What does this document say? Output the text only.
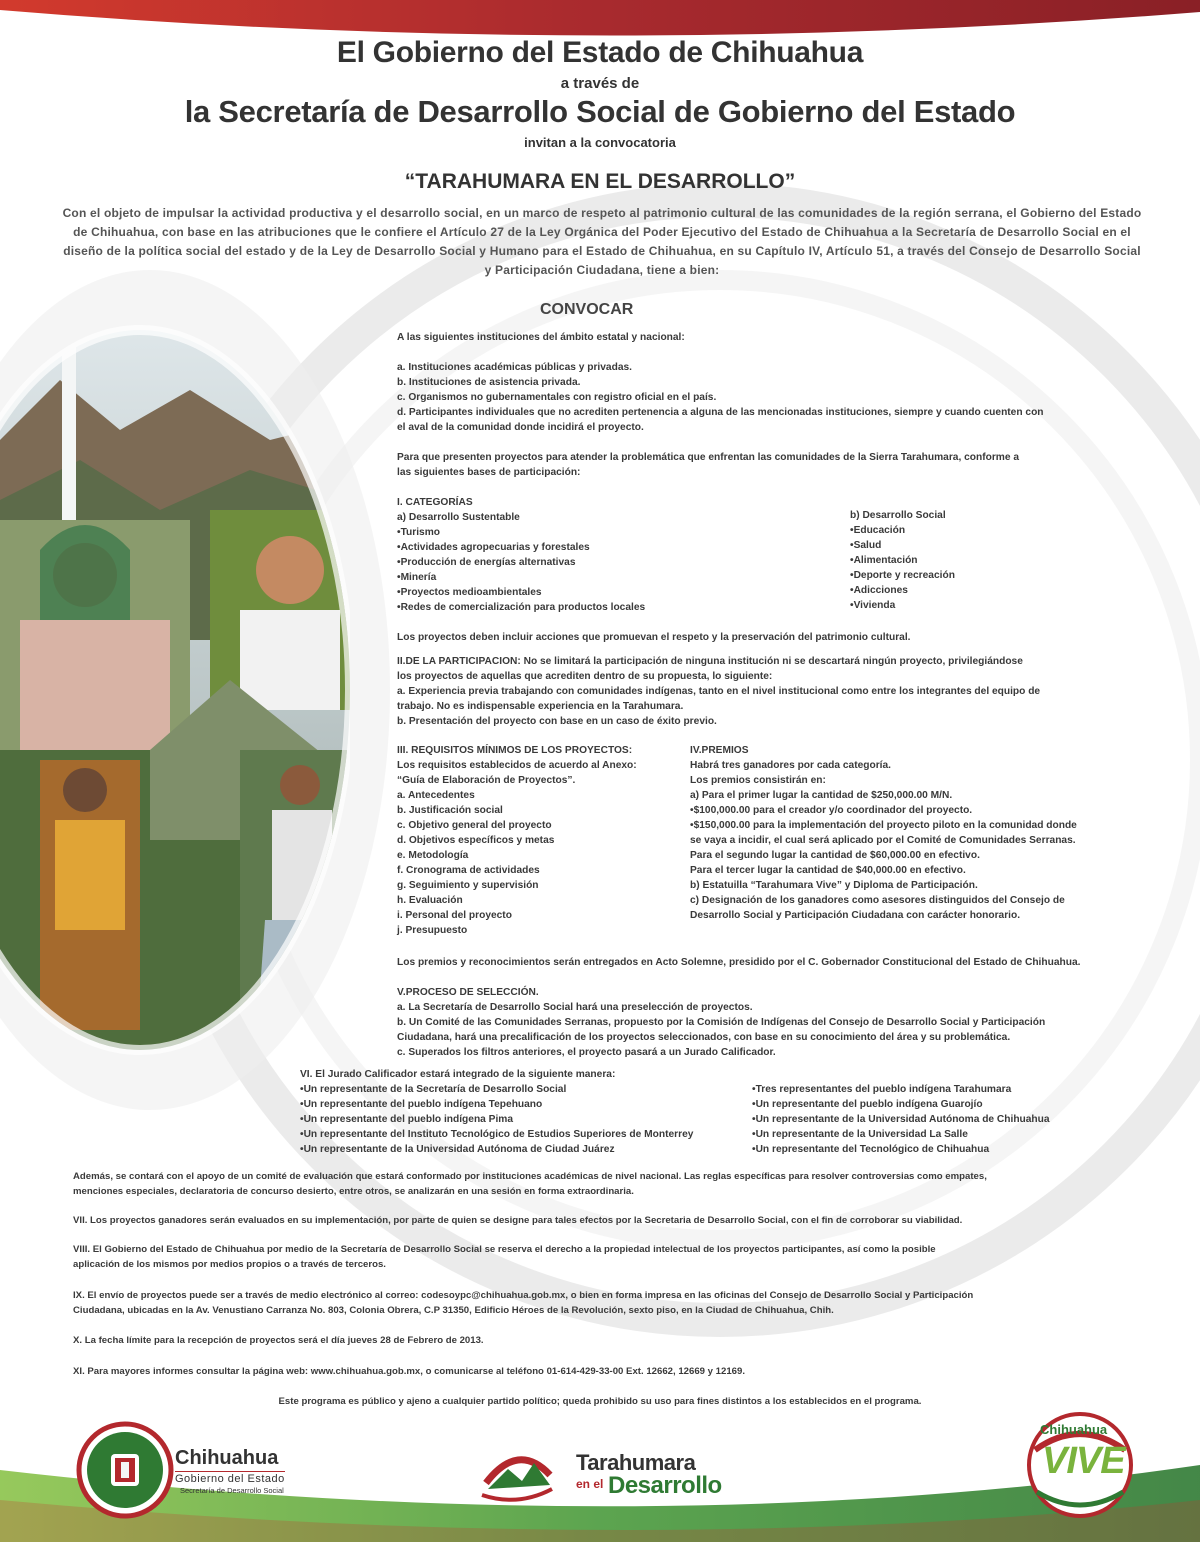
El Gobierno del Estado de Chihuahua
a través de
la Secretaría de Desarrollo Social de Gobierno del Estado
invitan a la convocatoria
“TARAHUMARA EN EL DESARROLLO”
Con el objeto de impulsar la actividad productiva y el desarrollo social, en un marco de respeto al patrimonio cultural de las comunidades de la región serrana, el Gobierno del Estado de Chihuahua, con base en las atribuciones que le confiere el Artículo 27 de la Ley Orgánica del Poder Ejecutivo del Estado de Chihuahua a la Secretaría de Desarrollo Social en el diseño de la política social del estado y de la Ley de Desarrollo Social y Humano para el Estado de Chihuahua, en su Capítulo IV, Artículo 51, a través del Consejo de Desarrollo Social y Participación Ciudadana, tiene a bien:
CONVOCAR
A las siguientes instituciones del ámbito estatal y nacional:
a. Instituciones académicas públicas y privadas.
b. Instituciones de asistencia privada.
c. Organismos no gubernamentales con registro oficial en el país.
d. Participantes individuales que no acrediten pertenencia a alguna de las mencionadas instituciones, siempre y cuando cuenten con
el aval de la comunidad donde incidirá el proyecto.
Para que presenten proyectos para atender la problemática que enfrentan las comunidades de la Sierra Tarahumara, conforme a
las siguientes bases de participación:
I. CATEGORÍAS
a) Desarrollo Sustentable
•Turismo
•Actividades agropecuarias y forestales
•Producción de energías alternativas
•Minería
•Proyectos medioambientales
•Redes de comercialización para productos locales
b) Desarrollo Social
•Educación
•Salud
•Alimentación
•Deporte y recreación
•Adicciones
•Vivienda
Los proyectos deben incluir acciones que promuevan el respeto y la preservación del patrimonio cultural.
II.DE LA PARTICIPACION: No se limitará la participación de ninguna institución ni se descartará ningún proyecto, privilegiándose
los proyectos de aquellas que acrediten dentro de su propuesta, lo siguiente:
a. Experiencia previa trabajando con comunidades indígenas, tanto en el nivel institucional como entre los integrantes del equipo de
trabajo. No es indispensable experiencia en la Tarahumara.
b. Presentación del proyecto con base en un caso de éxito previo.
III. REQUISITOS MÍNIMOS DE LOS PROYECTOS:
Los requisitos establecidos de acuerdo al Anexo:
“Guía de Elaboración de Proyectos”.
a. Antecedentes
b. Justificación social
c. Objetivo general del proyecto
d. Objetivos específicos y metas
e. Metodología
f. Cronograma de actividades
g. Seguimiento y supervisión
h. Evaluación
i. Personal del proyecto
j. Presupuesto
IV.PREMIOS
Habrá tres ganadores por cada categoría.
Los premios consistirán en:
a) Para el primer lugar la cantidad de $250,000.00 M/N.
•$100,000.00 para el creador y/o coordinador del proyecto.
•$150,000.00 para la implementación del proyecto piloto en la comunidad donde
se vaya a incidir, el cual será aplicado por el Comité de Comunidades Serranas.
Para el segundo lugar la cantidad de $60,000.00 en efectivo.
Para el tercer lugar la cantidad de $40,000.00 en efectivo.
b) Estatuilla “Tarahumara Vive” y Diploma de Participación.
c) Designación de los ganadores como asesores distinguidos del Consejo de
Desarrollo Social y Participación Ciudadana con carácter honorario.
Los premios y reconocimientos serán entregados en Acto Solemne, presidido por el C. Gobernador Constitucional del Estado de Chihuahua.
V.PROCESO DE SELECCIÓN.
a. La Secretaría de Desarrollo Social hará una preselección de proyectos.
b. Un Comité de las Comunidades Serranas, propuesto por la Comisión de Indígenas del Consejo de Desarrollo Social y Participación
Ciudadana, hará una precalificación de los proyectos seleccionados, con base en su conocimiento del área y su problemática.
c. Superados los filtros anteriores, el proyecto pasará a un Jurado Calificador.
VI. El Jurado Calificador estará integrado de la siguiente manera:
•Un representante de la Secretaría de Desarrollo Social
•Un representante del pueblo indígena Tepehuano
•Un representante del pueblo indígena Pima
•Un representante del Instituto Tecnológico de Estudios Superiores de Monterrey
•Un representante de la Universidad Autónoma de Ciudad Juárez
•Tres representantes del pueblo indígena Tarahumara
•Un representante del pueblo indígena Guarojío
•Un representante de la Universidad Autónoma de Chihuahua
•Un representante de la Universidad La Salle
•Un representante del Tecnológico de Chihuahua
Además, se contará con el apoyo de un comité de evaluación que estará conformado por instituciones académicas de nivel nacional. Las reglas específicas para resolver controversias como empates,
menciones especiales, declaratoria de concurso desierto, entre otros, se analizarán en una sesión en forma extraordinaria.
VII. Los proyectos ganadores serán evaluados en su implementación, por parte de quien se designe para tales efectos por la Secretaria de Desarrollo Social, con el fin de corroborar su viabilidad.
VIII. El Gobierno del Estado de Chihuahua por medio de la Secretaría de Desarrollo Social se reserva el derecho a la propiedad intelectual de los proyectos participantes, así como la posible
aplicación de los mismos por medios propios o a través de terceros.
IX. El envío de proyectos puede ser a través de medio electrónico al correo: codesoypc@chihuahua.gob.mx, o bien en forma impresa en las oficinas del Consejo de Desarrollo Social y Participación
Ciudadana, ubicadas en la Av. Venustiano Carranza No. 803, Colonia Obrera, C.P 31350, Edificio Héroes de la Revolución, sexto piso, en la Ciudad de Chihuahua, Chih.
X. La fecha límite para la recepción de proyectos será el día jueves 28 de Febrero de 2013.
XI. Para mayores informes consultar la página web: www.chihuahua.gob.mx, o comunicarse al teléfono 01-614-429-33-00 Ext. 12662, 12669 y 12169.
Este programa es público y ajeno a cualquier partido político; queda prohibido su uso para fines distintos a los establecidos en el programa.
Chihuahua
Gobierno del Estado
Secretaría de Desarrollo Social
Tarahumara
en el Desarrollo
Chihuahua
VIVE
